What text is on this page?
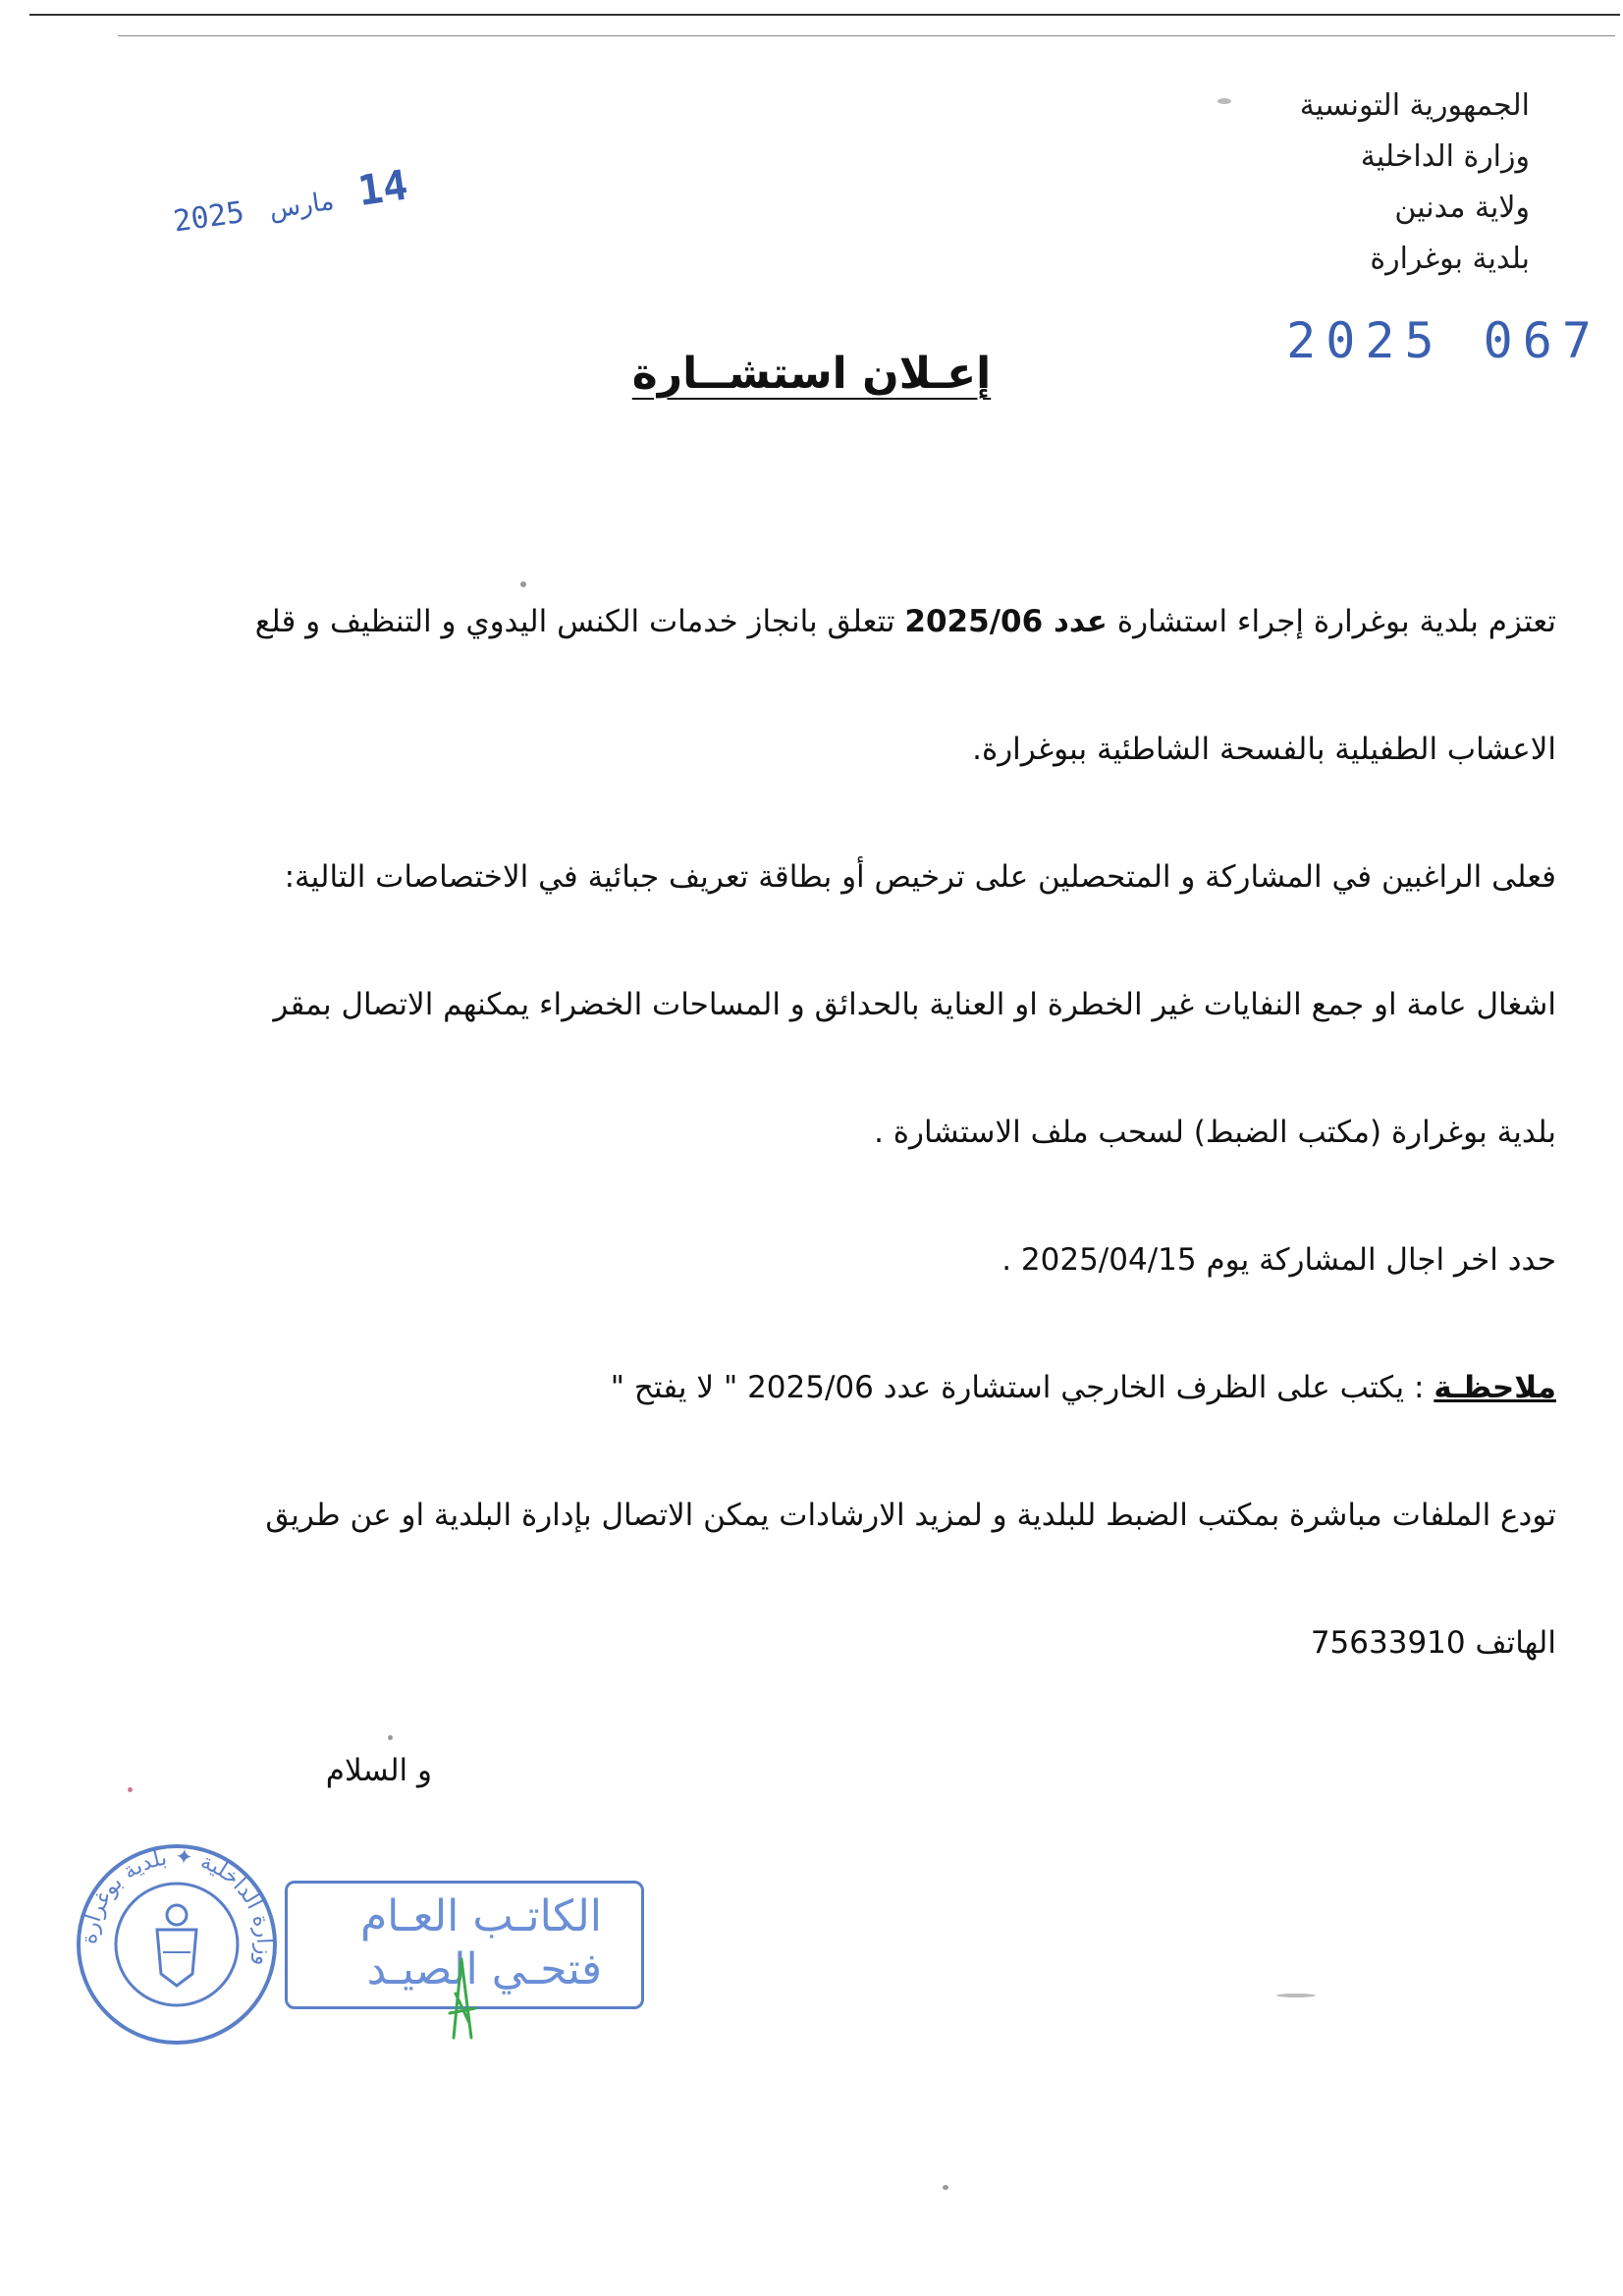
الجمهورية التونسية
وزارة الداخلية
ولاية مدنين
بلدية بوغرارة
14 مارس 2025
2025 067
إعـلان استشــارة
تعتزم بلدية بوغرارة إجراء استشارة عدد 2025/06 تتعلق بانجاز خدمات الكنس اليدوي و التنظيف و قلع
الاعشاب الطفيلية بالفسحة الشاطئية ببوغرارة.
فعلى الراغبين في المشاركة و المتحصلين على ترخيص أو بطاقة تعريف جبائية في الاختصاصات التالية:
اشغال عامة او جمع النفايات غير الخطرة او العناية بالحدائق و المساحات الخضراء يمكنهم الاتصال بمقر
بلدية بوغرارة (مكتب الضبط) لسحب ملف الاستشارة .
حدد اخر اجال المشاركة يوم 2025/04/15 .
ملاحظـة : يكتب على الظرف الخارجي استشارة عدد 2025/06 " لا يفتح "
تودع الملفات مباشرة بمكتب الضبط للبلدية و لمزيد الارشادات يمكن الاتصال بإدارة البلدية او عن طريق
الهاتف 75633910
و السلام
وزارة الداخلية ✦ بلدية بوغرارة
الكاتـب العـام
فتحـي الصيـد
